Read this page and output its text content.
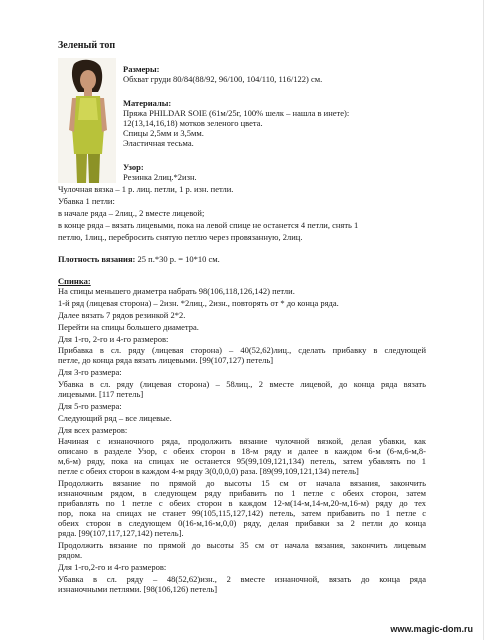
Зеленый топ
Размеры:
Обхват груди 80/84(88/92, 96/100, 104/110, 116/122) см.
Материалы:
Пряжа PHILDAR SOIE (61м/25г, 100% шелк – нашла в инете):
12(13,14,16,18) мотков зеленого цвета.
Спицы 2,5мм и 3,5мм.
Эластичная тесьма.
Узор:
Резинка 2лиц.*2изн.
Чулочная вязка – 1 р. лиц. петли, 1 р. изн. петли.
Убавка 1 петли:
в начале ряда – 2лиц., 2 вместе лицевой;
в конце ряда – вязать лицевыми, пока на левой спице не останется 4 петли, снять 1
петлю, 1лиц., перебросить снятую петлю через провязанную, 2лиц.
Плотность вязания: 25 п.*30 р. = 10*10 см.
Спинка:
На спицы меньшего диаметра набрать 98(106,118,126,142) петли.
1-й ряд (лицевая сторона) – 2изн. *2лиц., 2изн., повторять от * до конца ряда.
Далее вязать 7 рядов резинкой 2*2.
Перейти на спицы большего диаметра.
Для 1-го, 2-го и 4-го размеров:
Прибавка в сл. ряду (лицевая сторона) – 40(52,62)лиц., сделать прибавку в следующей
петле, до конца ряда вязать лицевыми. [99(107,127) петель]
Для 3-го размера:
Убавка в сл. ряду (лицевая сторона) – 58лиц., 2 вместе лицевой, до конца ряда вязать
лицевыми. [117 петель]
Для 5-го размера:
Следующий ряд – все лицевые.
Для всех размеров:
Начиная с изнаночного ряда, продолжить вязание чулочной вязкой, делая убавки, как
описано в разделе Узор, с обеих сторон в 18-м ряду и далее в каждом 6-м (6-м,6-м,8-
м,6-м) ряду, пока на спицах не останется 95(99,109,121,134) петель, затем убавлять по 1
петле с обеих сторон в каждом 4-м ряду 3(0,0,0,0) раза. [89(99,109,121,134) петель]
Продолжить вязание по прямой до высоты 15 см от начала вязания, закончить
изнаночным рядом, в следующем ряду прибавить по 1 петле с обеих сторон, затем
прибавлять по 1 петле с обеих сторон в каждом 12-м(14-м,14-м,20-м,16-м) ряду до тех
пор, пока на спицах не станет 99(105,115,127,142) петель, затем прибавить по 1 петле с
обеих сторон в следующем 0(16-м,16-м,0,0) ряду, делая прибавки за 2 петли до конца
ряда. [99(107,117,127,142) петель].
Продолжить вязание по прямой до высоты 35 см от начала вязания, закончить лицевым
рядом.
Для 1-го,2-го и 4-го размеров:
Убавка в сл. ряду – 48(52,62)изн., 2 вместе изнаночной, вязать до конца ряда
изнаночными петлями. [98(106,126) петель]
www.magic-dom.ru
